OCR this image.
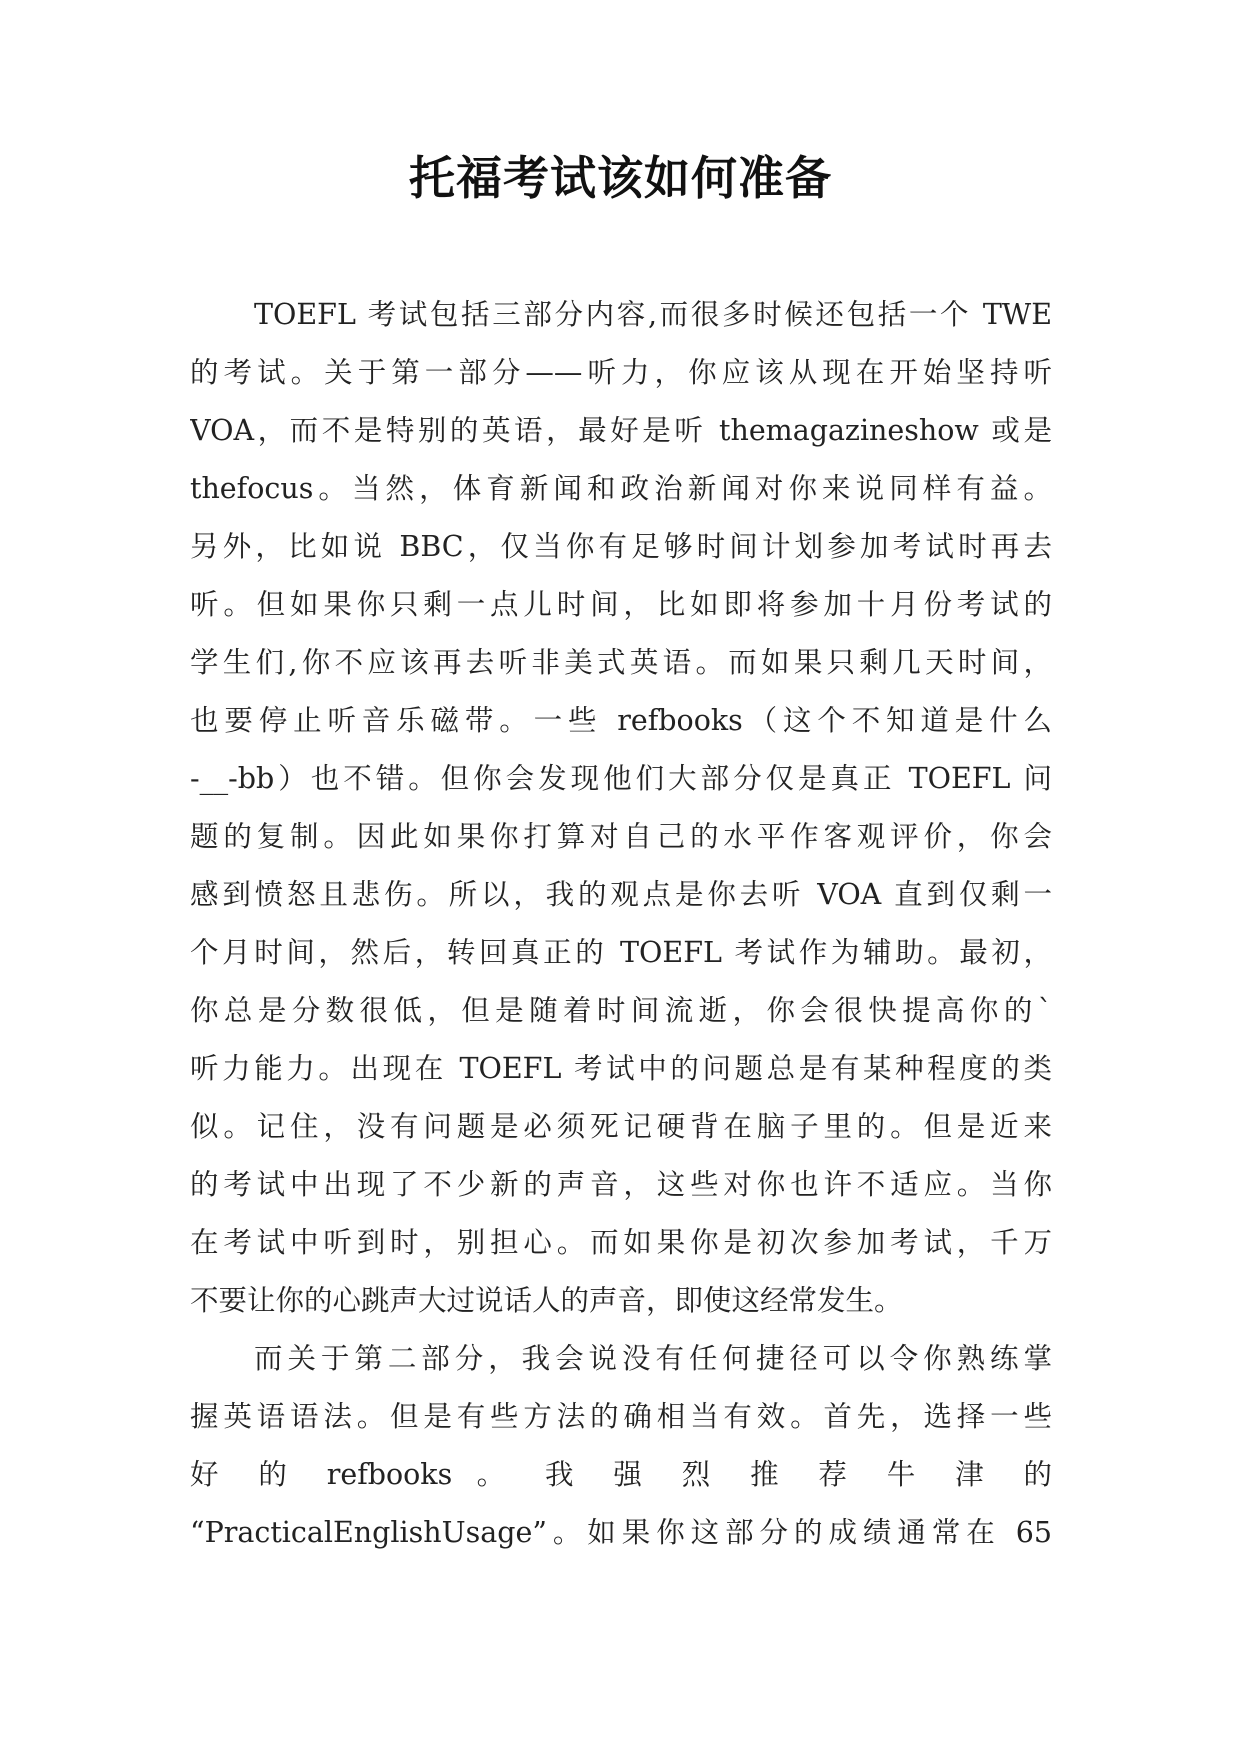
托福考试该如何准备
TOEFL 考试包括三部分内容,而很多时候还包括一个 TWE
的考试。关于第一部分——听力，你应该从现在开始坚持听
VOA，而不是特别的英语，最好是听 themagazineshow 或是
thefocus。当然，体育新闻和政治新闻对你来说同样有益。
另外，比如说 BBC，仅当你有足够时间计划参加考试时再去
听。但如果你只剩一点儿时间，比如即将参加十月份考试的
学生们,你不应该再去听非美式英语。而如果只剩几天时间，
也要停止听音乐磁带。一些 refbooks（这个不知道是什么
-__-bb）也不错。但你会发现他们大部分仅是真正 TOEFL 问
题的复制。因此如果你打算对自己的水平作客观评价，你会
感到愤怒且悲伤。所以，我的观点是你去听 VOA 直到仅剩一
个月时间，然后，转回真正的 TOEFL 考试作为辅助。最初，
你总是分数很低，但是随着时间流逝，你会很快提高你的`
听力能力。出现在 TOEFL 考试中的问题总是有某种程度的类
似。记住，没有问题是必须死记硬背在脑子里的。但是近来
的考试中出现了不少新的声音，这些对你也许不适应。当你
在考试中听到时，别担心。而如果你是初次参加考试，千万
不要让你的心跳声大过说话人的声音，即使这经常发生。
而关于第二部分，我会说没有任何捷径可以令你熟练掌
握英语语法。但是有些方法的确相当有效。首先，选择一些
好 的 refbooks 。 我 强 烈 推 荐 牛 津 的
“PracticalEnglishUsage”。如果你这部分的成绩通常在 65
